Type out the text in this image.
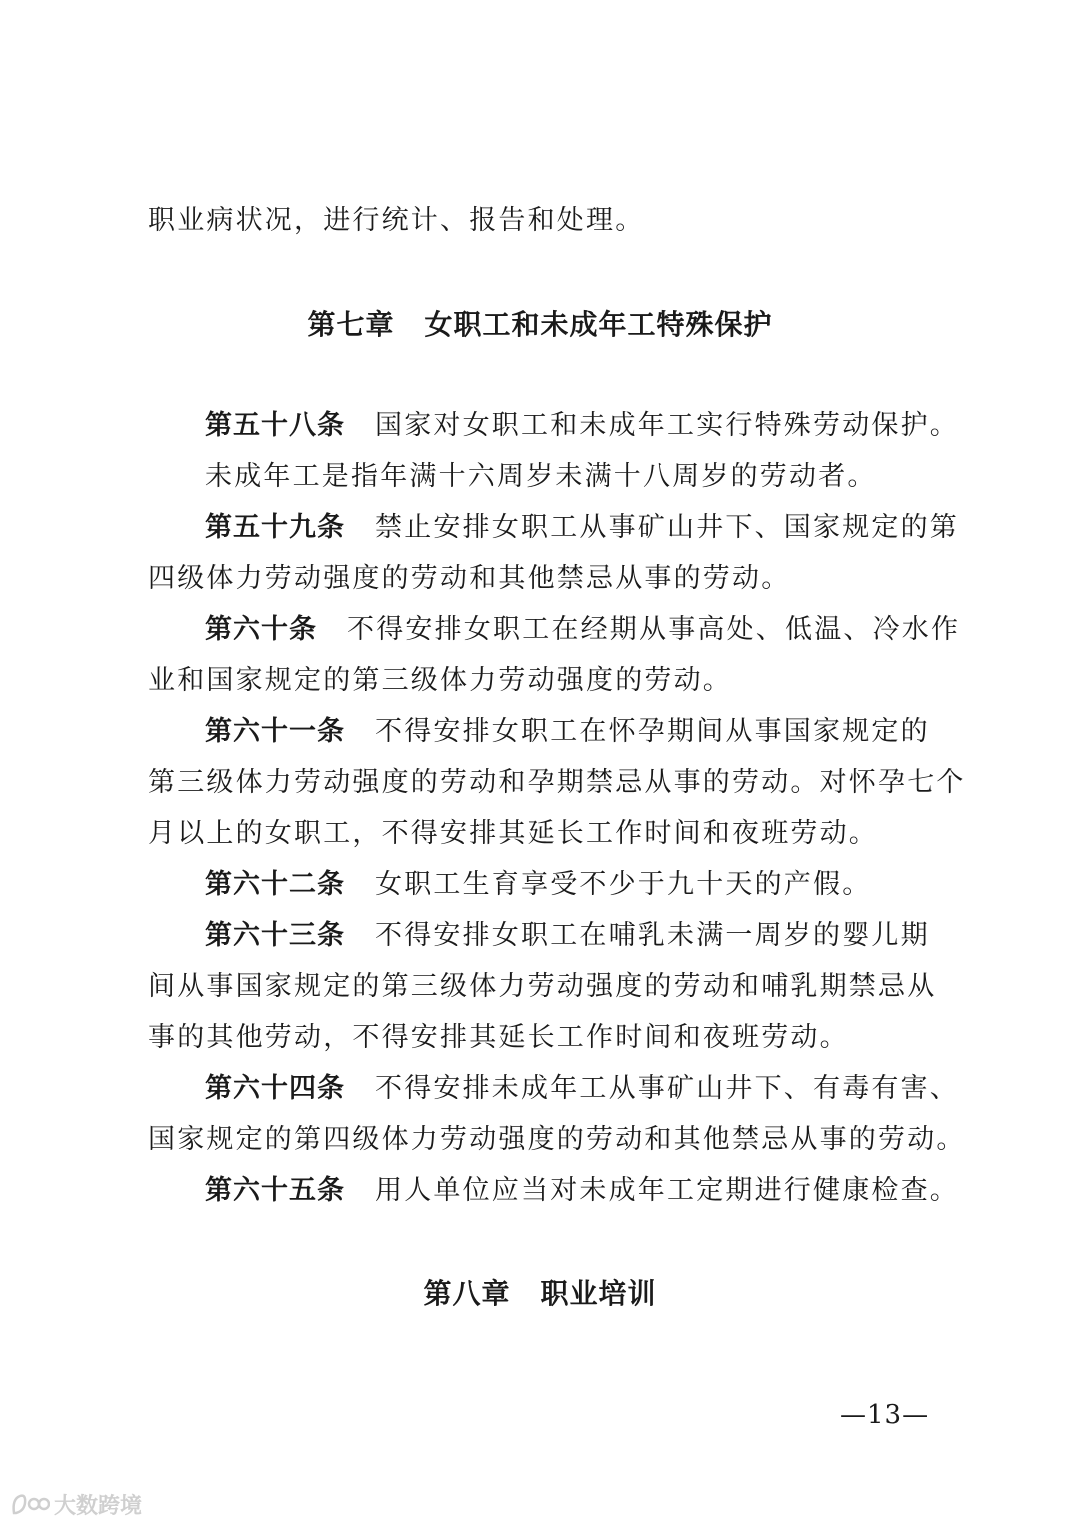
职业病状况，进行统计、报告和处理。
第七章 女职工和未成年工特殊保护
第五十八条 国家对女职工和未成年工实行特殊劳动保护。
未成年工是指年满十六周岁未满十八周岁的劳动者。
第五十九条 禁止安排女职工从事矿山井下、国家规定的第
四级体力劳动强度的劳动和其他禁忌从事的劳动。
第六十条 不得安排女职工在经期从事高处、低温、冷水作
业和国家规定的第三级体力劳动强度的劳动。
第六十一条 不得安排女职工在怀孕期间从事国家规定的
第三级体力劳动强度的劳动和孕期禁忌从事的劳动。对怀孕七个
月以上的女职工，不得安排其延长工作时间和夜班劳动。
第六十二条 女职工生育享受不少于九十天的产假。
第六十三条 不得安排女职工在哺乳未满一周岁的婴儿期
间从事国家规定的第三级体力劳动强度的劳动和哺乳期禁忌从
事的其他劳动，不得安排其延长工作时间和夜班劳动。
第六十四条 不得安排未成年工从事矿山井下、有毒有害、
国家规定的第四级体力劳动强度的劳动和其他禁忌从事的劳动。
第六十五条 用人单位应当对未成年工定期进行健康检查。
第八章 职业培训
—13—
大数跨境
